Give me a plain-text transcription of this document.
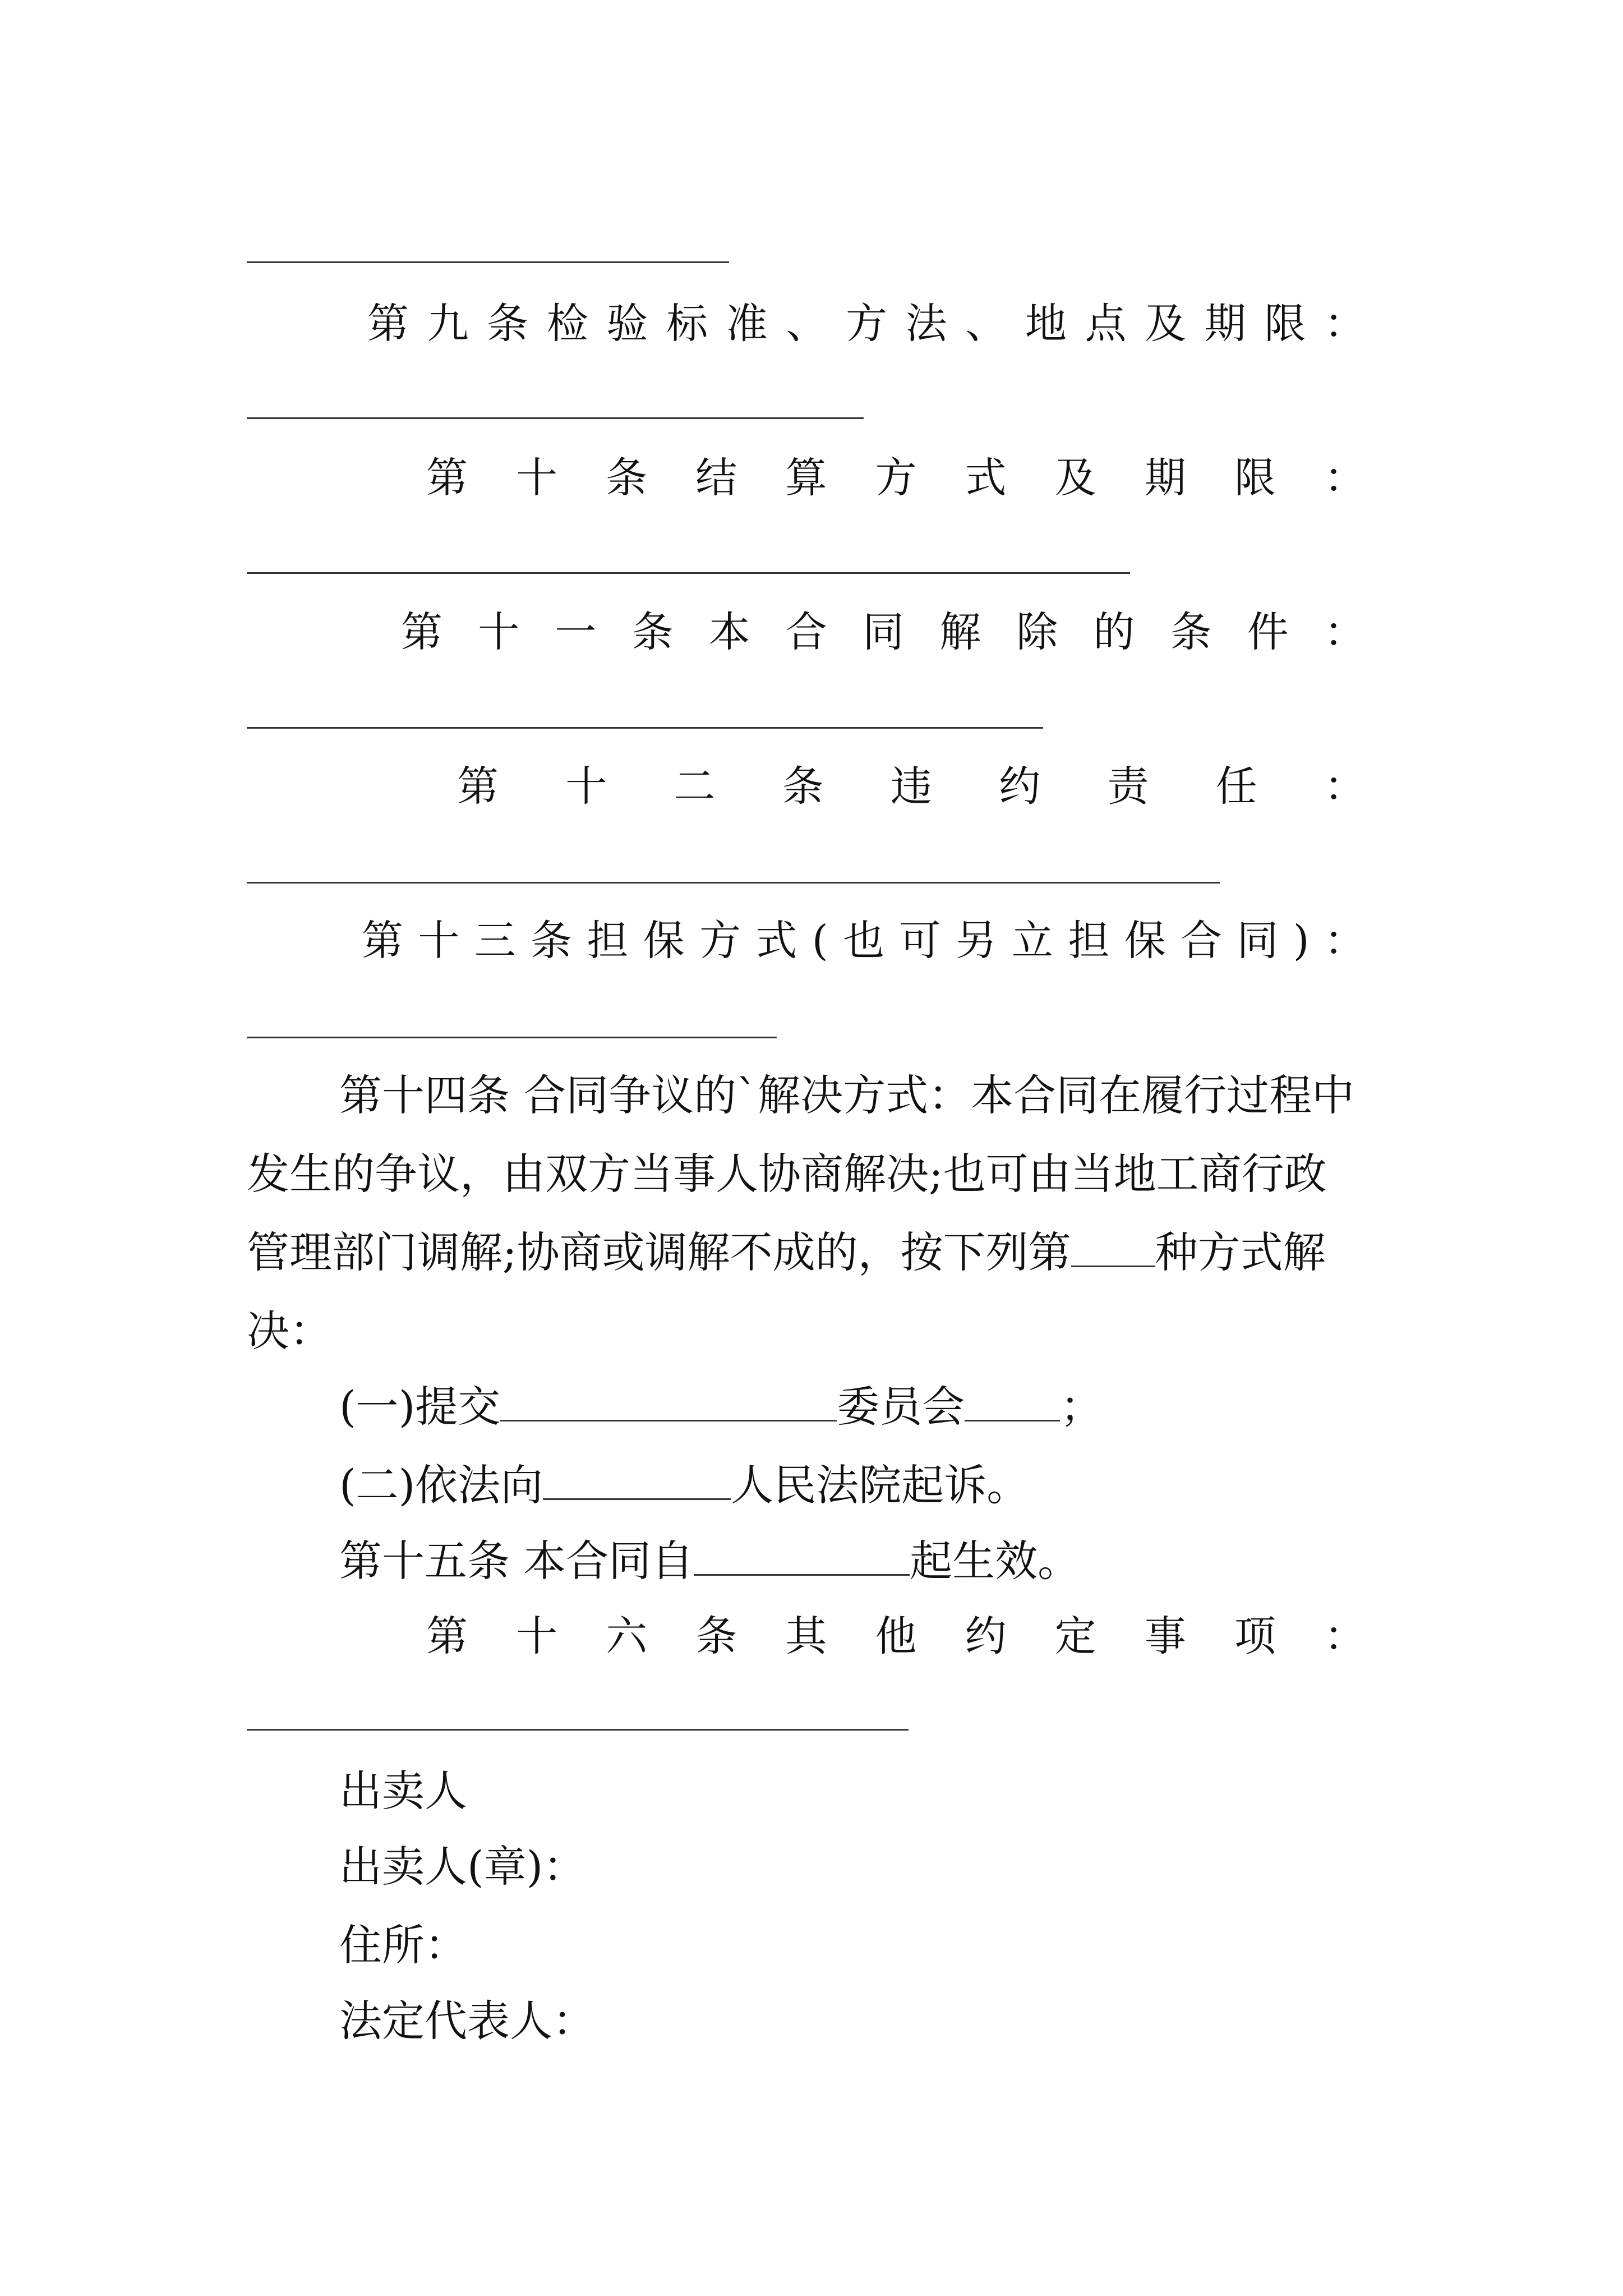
第 九 条 检 验 标 准 、 方 法 、 地 点 及 期 限 ：
第 十 条 结 算 方 式 及 期 限 ：
第 十 一 条 本 合 同 解 除 的 条 件 ：
第 十 二 条 违 约 责 任 ：
第 十 三 条 担 保 方 式 ( 也 可 另 立 担 保 合 同 ) ：
第十四条 合同争议的`解决方式：本合同在履行过程中
发生的争议，由双方当事人协商解决;也可由当地工商行政
管理部门调解;协商或调解不成的，按下列第 种方式解
决：
(一)提交	委员会 ；
(二)依法向	人民法院起诉。
第十五条 本合同自	起生效。
第 十 六 条 其 他 约 定 事 项 ：
出卖人
出卖人(章)：
住所：
法定代表人：
